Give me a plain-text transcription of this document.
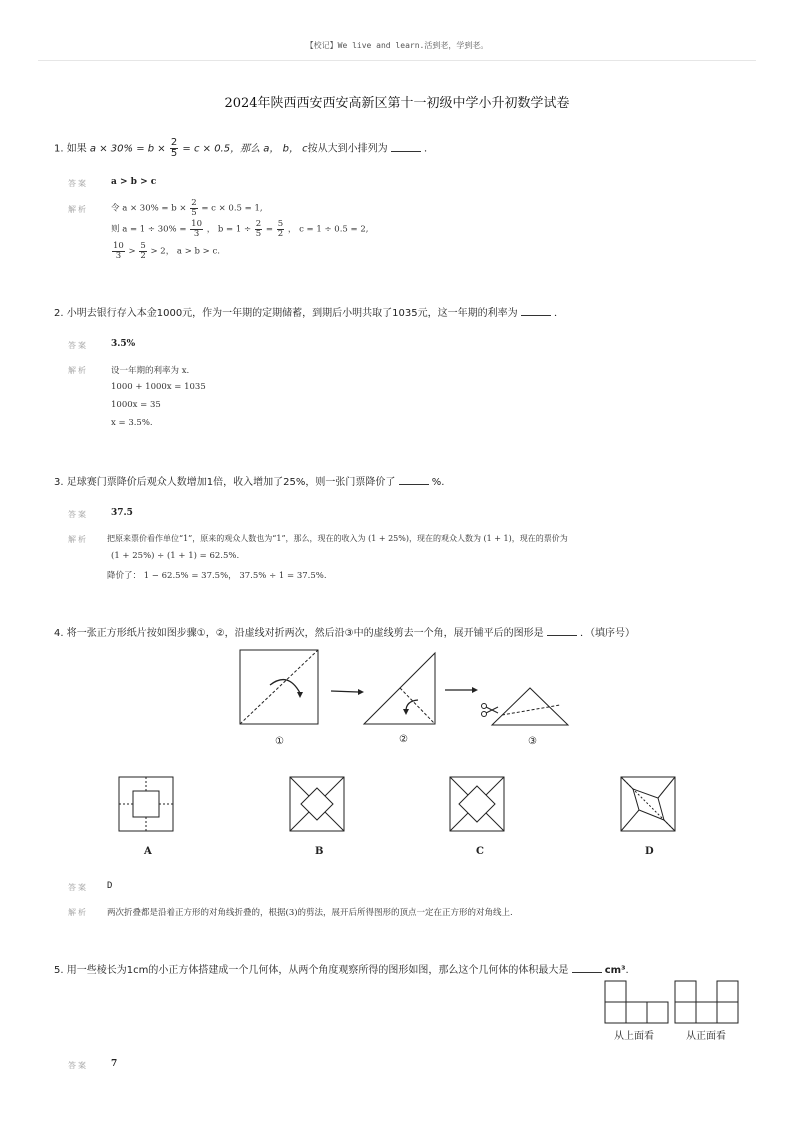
【校记】We live and learn.活到老，学到老。
2024年陕西西安西安高新区第十一初级中学小升初数学试卷
1. 如果 $a \times 30\% = b \times \frac{2}{5} = c \times 0.5$，那么 a， b， c按从大到小排列为	．
答案	a > b > c
解析	令 $a \times 30\% = b \times \frac{2}{5} = c \times 0.5 = 1$,
则 $a = 1 \div 30\% = \frac{10}{3}$ ， $b = 1 \div \frac{2}{5} = \frac{5}{2}$ ， c = 1 ÷ 0.5 = 2,
$\frac{10}{3} > \frac{5}{2} > 2$， a > b > c.
2. 小明去银行存入本金1000元，作为一年期的定期储蓄，到期后小明共取了1035元，这一年期的利率为	．
答案	3.5%
解析	设一年期的利率为 x.
1000 + 1000x = 1035
1000x = 35
x = 3.5%.
3. 足球赛门票降价后观众人数增加1倍，收入增加了25%，则一张门票降价了	%.
答案	37.5
解析 把原来票价看作单位“1”，原来的观众人数也为“1”，那么，现在的收入为 (1 + 25%)，现在的观众人数为 (1 + 1)，现在的票价为
(1 + 25%) ÷ (1 + 1) = 62.5%.
降价了： 1 − 62.5% = 37.5%， 37.5% ÷ 1 = 37.5%.
4. 将一张正方形纸片按如图步骤①，②，沿虚线对折两次，然后沿③中的虚线剪去一个角，展开铺平后的图形是	．（填序号）
①	②	③
A	B	C	D
答案 D
解析 两次折叠都是沿着正方形的对角线折叠的，根据(3)的剪法，展开后所得图形的顶点一定在正方形的对角线上.
5. 用一些棱长为1cm的小正方体搭建成一个几何体，从两个角度观察所得的图形如图，那么这个几何体的体积最大是	cm³.
从上面看	从正面看
答案	7
